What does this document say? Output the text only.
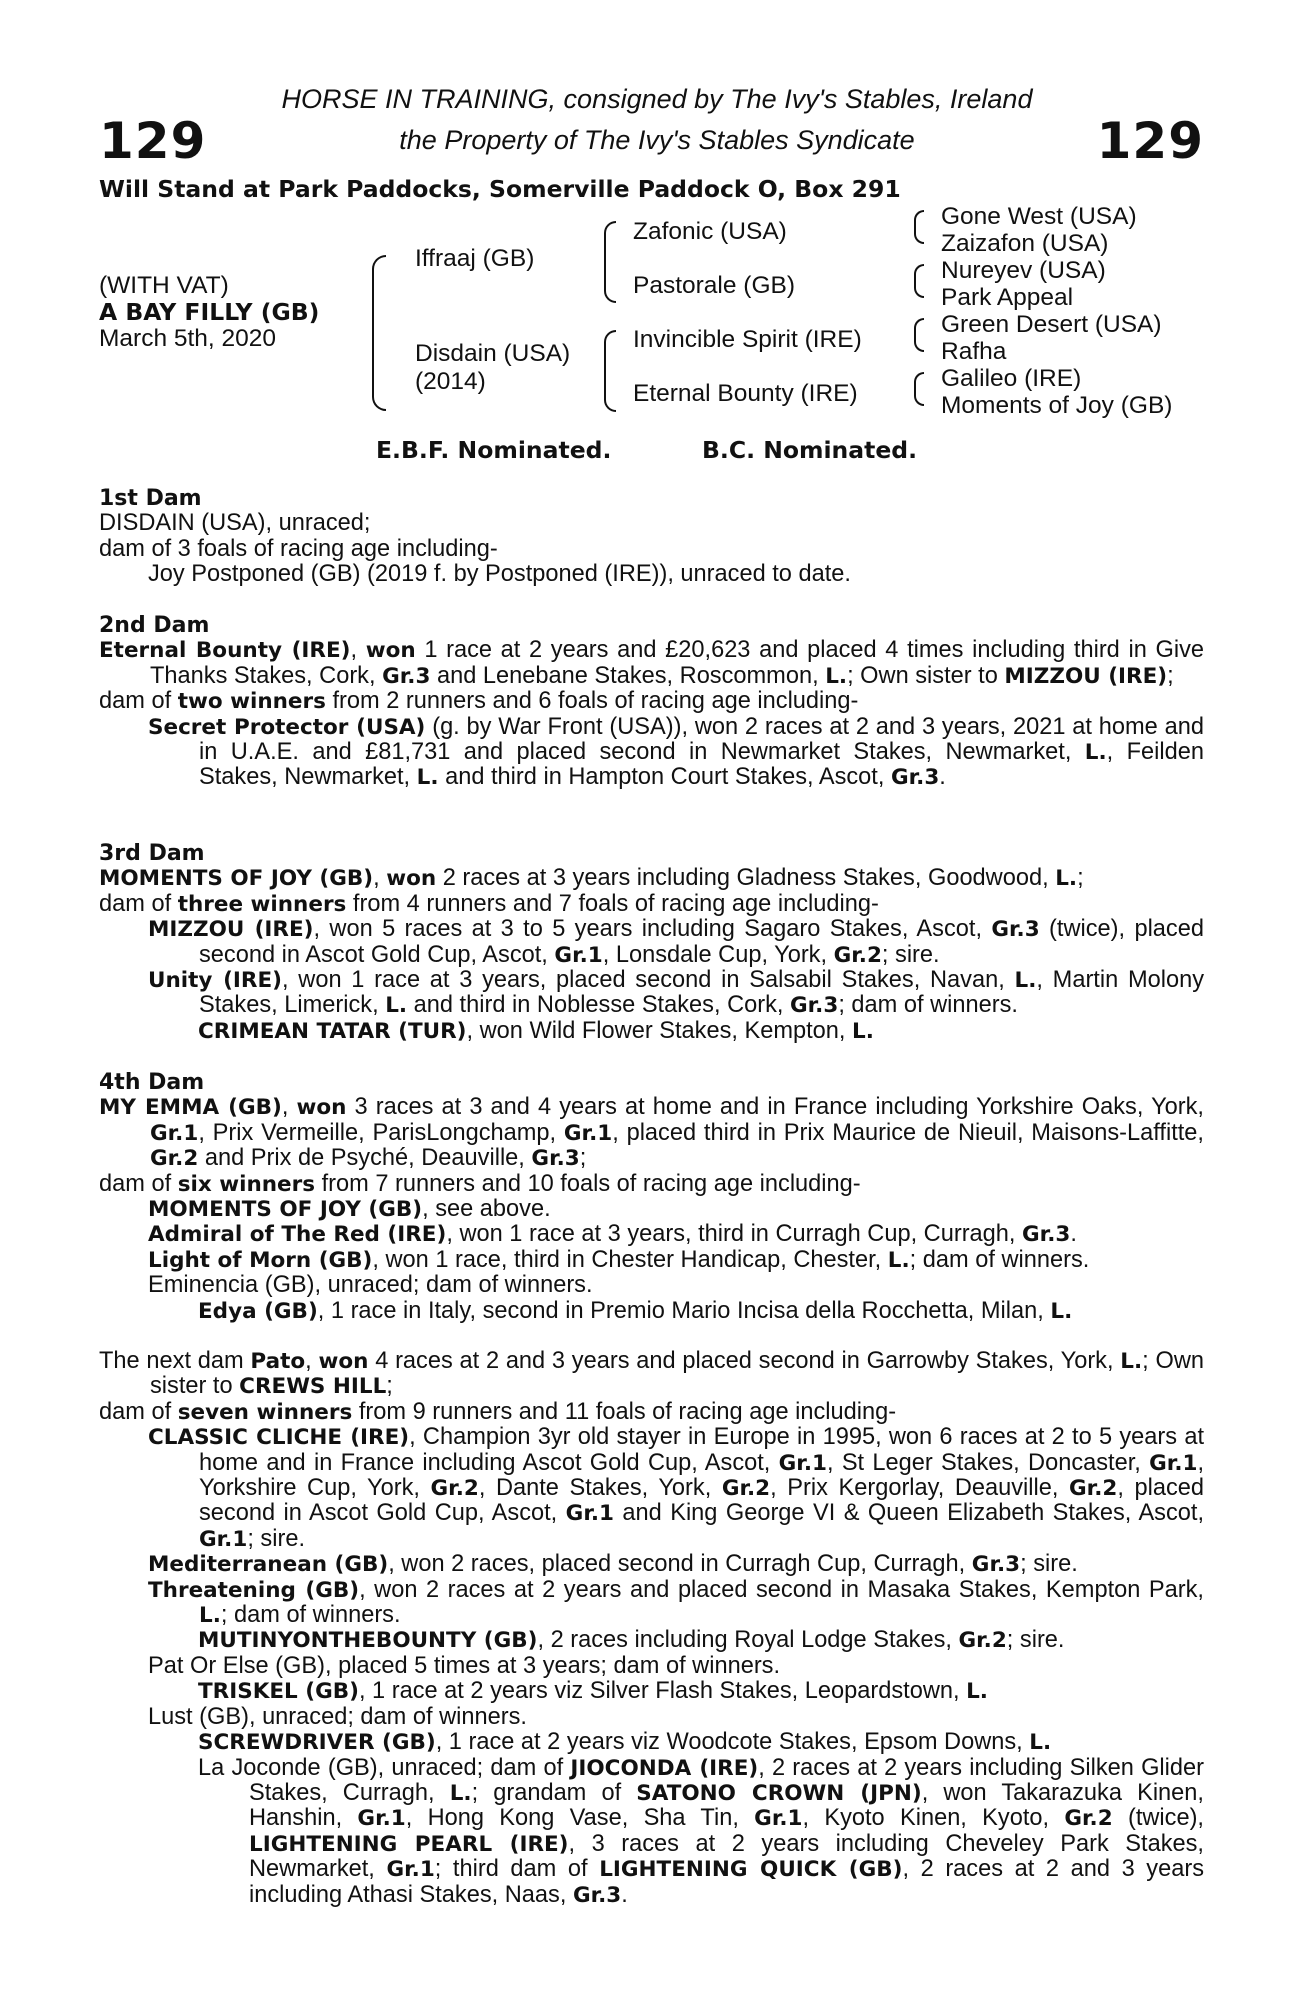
129	129
HORSE IN TRAINING, consigned by The Ivy's Stables, Ireland
the Property of The Ivy's Stables Syndicate
Will Stand at Park Paddocks, Somerville Paddock O, Box 291
(WITH VAT)
A BAY FILLY (GB)
March 5th, 2020
Iffraaj (GB)
Disdain (USA)
(2014)
Zafonic (USA)
Pastorale (GB)
Invincible Spirit (IRE)
Eternal Bounty (IRE)
Gone West (USA)
Zaizafon (USA)
Nureyev (USA)
Park Appeal
Green Desert (USA)
Rafha
Galileo (IRE)
Moments of Joy (GB)
E.B.F. Nominated.	B.C. Nominated.
1st Dam
DISDAIN (USA), unraced;
dam of 3 foals of racing age including-
Joy Postponed (GB) (2019 f. by Postponed (IRE)), unraced to date.
2nd Dam
Eternal Bounty (IRE), won 1 race at 2 years and £20,623 and placed 4 times including third in Give Thanks Stakes, Cork, Gr.3 and Lenebane Stakes, Roscommon, L.; Own sister to MIZZOU (IRE);
dam of two winners from 2 runners and 6 foals of racing age including-
Secret Protector (USA) (g. by War Front (USA)), won 2 races at 2 and 3 years, 2021 at home and in U.A.E. and £81,731 and placed second in Newmarket Stakes, Newmarket, L., Feilden Stakes, Newmarket, L. and third in Hampton Court Stakes, Ascot, Gr.3.
3rd Dam
MOMENTS OF JOY (GB), won 2 races at 3 years including Gladness Stakes, Goodwood, L.;
dam of three winners from 4 runners and 7 foals of racing age including-
MIZZOU (IRE), won 5 races at 3 to 5 years including Sagaro Stakes, Ascot, Gr.3 (twice), placed second in Ascot Gold Cup, Ascot, Gr.1, Lonsdale Cup, York, Gr.2; sire.
Unity (IRE), won 1 race at 3 years, placed second in Salsabil Stakes, Navan, L., Martin Molony Stakes, Limerick, L. and third in Noblesse Stakes, Cork, Gr.3; dam of winners.
CRIMEAN TATAR (TUR), won Wild Flower Stakes, Kempton, L.
4th Dam
MY EMMA (GB), won 3 races at 3 and 4 years at home and in France including Yorkshire Oaks, York, Gr.1, Prix Vermeille, ParisLongchamp, Gr.1, placed third in Prix Maurice de Nieuil, Maisons-Laffitte, Gr.2 and Prix de Psyché, Deauville, Gr.3;
dam of six winners from 7 runners and 10 foals of racing age including-
MOMENTS OF JOY (GB), see above.
Admiral of The Red (IRE), won 1 race at 3 years, third in Curragh Cup, Curragh, Gr.3.
Light of Morn (GB), won 1 race, third in Chester Handicap, Chester, L.; dam of winners.
Eminencia (GB), unraced; dam of winners.
Edya (GB), 1 race in Italy, second in Premio Mario Incisa della Rocchetta, Milan, L.
The next dam Pato, won 4 races at 2 and 3 years and placed second in Garrowby Stakes, York, L.; Own sister to CREWS HILL;
dam of seven winners from 9 runners and 11 foals of racing age including-
CLASSIC CLICHE (IRE), Champion 3yr old stayer in Europe in 1995, won 6 races at 2 to 5 years at home and in France including Ascot Gold Cup, Ascot, Gr.1, St Leger Stakes, Doncaster, Gr.1, Yorkshire Cup, York, Gr.2, Dante Stakes, York, Gr.2, Prix Kergorlay, Deauville, Gr.2, placed second in Ascot Gold Cup, Ascot, Gr.1 and King George VI & Queen Elizabeth Stakes, Ascot, Gr.1; sire.
Mediterranean (GB), won 2 races, placed second in Curragh Cup, Curragh, Gr.3; sire.
Threatening (GB), won 2 races at 2 years and placed second in Masaka Stakes, Kempton Park, L.; dam of winners.
MUTINYONTHEBOUNTY (GB), 2 races including Royal Lodge Stakes, Gr.2; sire.
Pat Or Else (GB), placed 5 times at 3 years; dam of winners.
TRISKEL (GB), 1 race at 2 years viz Silver Flash Stakes, Leopardstown, L.
Lust (GB), unraced; dam of winners.
SCREWDRIVER (GB), 1 race at 2 years viz Woodcote Stakes, Epsom Downs, L.
La Joconde (GB), unraced; dam of JIOCONDA (IRE), 2 races at 2 years including Silken Glider Stakes, Curragh, L.; grandam of SATONO CROWN (JPN), won Takarazuka Kinen, Hanshin, Gr.1, Hong Kong Vase, Sha Tin, Gr.1, Kyoto Kinen, Kyoto, Gr.2 (twice), LIGHTENING PEARL (IRE), 3 races at 2 years including Cheveley Park Stakes, Newmarket, Gr.1; third dam of LIGHTENING QUICK (GB), 2 races at 2 and 3 years including Athasi Stakes, Naas, Gr.3.
